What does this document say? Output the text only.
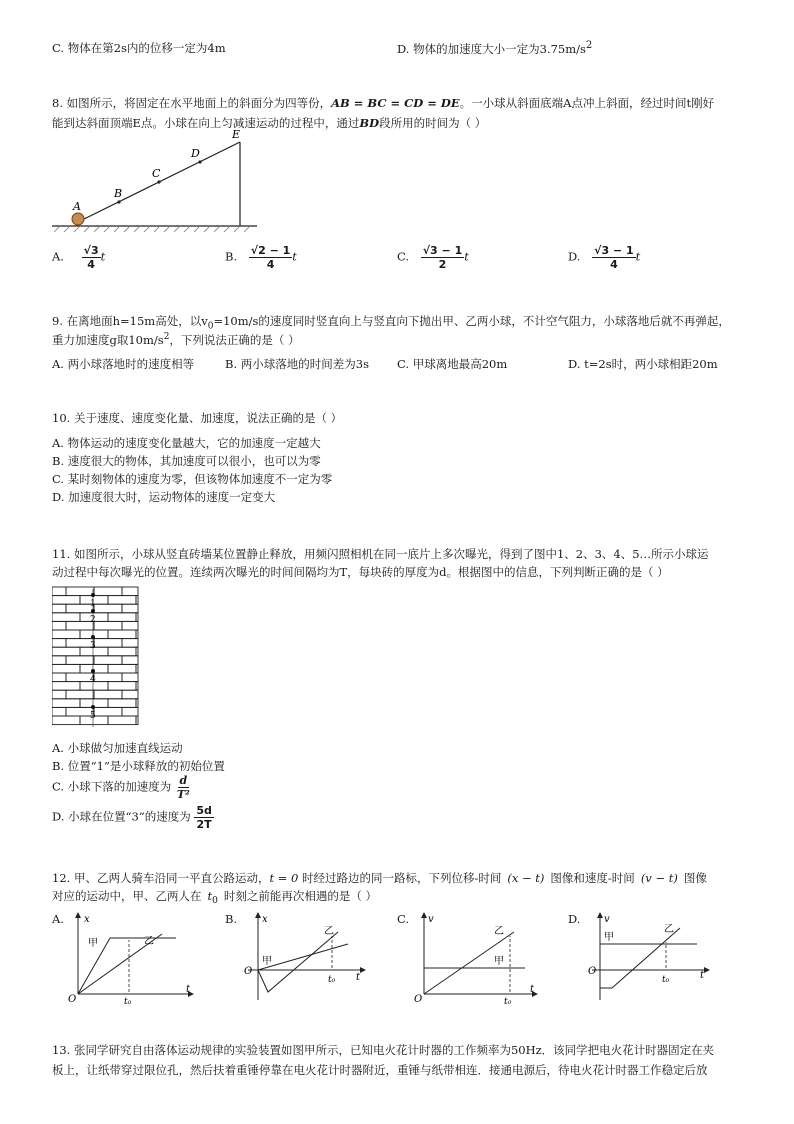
C. 物体在第2s内的位移一定为4m	D. 物体的加速度大小一定为$3.75m/s^2$
8. 如图所示，将固定在水平地面上的斜面分为四等份，AB = BC = CD = DE。一小球从斜面底端A点冲上斜面，经过时间t刚好
能到达斜面顶端E点。小球在向上匀减速运动的过程中，通过BD段所用的时间为（ ）
A
B
C
D
E
A. $\frac{√3}{4}$ t	B. $\frac{√2 - 1}{4}$ t	C. $\frac{√3 - 1}{2}$ t	D. $\frac{√3 - 1}{4}$ t
9. 在离地面h=15m高处，以$v_0=10m/s$的速度同时竖直向上与竖直向下抛出甲、乙两小球，不计空气阻力，小球落地后就不再弹起，
重力加速度g取$10m/s^2$，下列说法正确的是（ ）
A. 两小球落地时的速度相等	B. 两小球落地的时间差为3s C. 甲球离地最高20m	D. t=2s时，两小球相距20m
10. 关于速度、速度变化量、加速度，说法正确的是（ ）
A. 物体运动的速度变化量越大，它的加速度一定越大
B. 速度很大的物体，其加速度可以很小，也可以为零
C. 某时刻物体的速度为零，但该物体加速度不一定为零
D. 加速度很大时，运动物体的速度一定变大
11. 如图所示，小球从竖直砖墙某位置静止释放，用频闪照相机在同一底片上多次曝光，得到了图中1、2、3、4、5…所示小球运
动过程中每次曝光的位置。连续两次曝光的时间间隔均为T，每块砖的厚度为d。根据图中的信息，下列判断正确的是（ ）
1
2
3
4
5
A. 小球做匀加速直线运动
B. 位置“1”是小球释放的初始位置
C. 小球下落的加速度为 $\frac{d}{\text{T²}}$
D. 小球在位置“3”的速度为 $\frac{5d}{2T}$
12. 甲、乙两人骑车沿同一平直公路运动，t = 0 时经过路边的同一路标，下列位移-时间 (x − t) 图像和速度-时间 (v − t) 图像
对应的运动中，甲、乙两人在 $t_0$ 时刻之前能再次相遇的是（ ）
A. x
O
t
t₀
甲	乙
B. x
O
t
t₀
甲
乙
C. v
O
t
t₀
甲
乙
D. v
O	t
t₀
甲
乙
13. 张同学研究自由落体运动规律的实验装置如图甲所示，已知电火花计时器的工作频率为50Hz．该同学把电火花计时器固定在夹
板上，让纸带穿过限位孔，然后扶着重锤停靠在电火花计时器附近，重锤与纸带相连．接通电源后，待电火花计时器工作稳定后放
